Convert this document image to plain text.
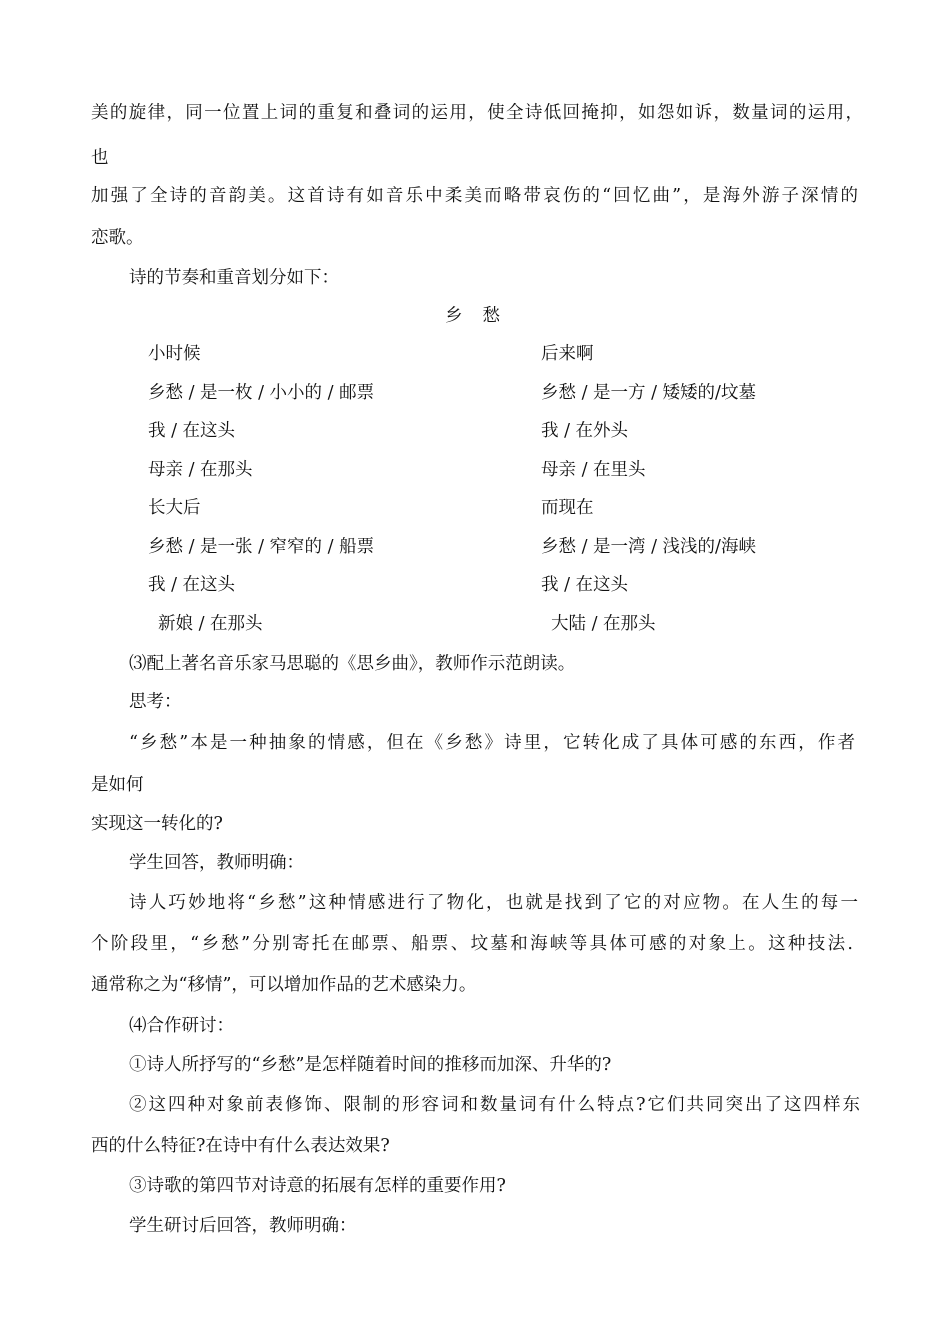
美的旋律，同一位置上词的重复和叠词的运用，使全诗低回掩抑，如怨如诉，数量词的运用，
也
加强了全诗的音韵美。这首诗有如音乐中柔美而略带哀伤的“回忆曲”，是海外游子深情的
恋歌。
诗的节奏和重音划分如下：
乡愁
小时候
乡愁 / 是一枚 / 小小的 / 邮票
我 / 在这头
母亲 / 在那头
长大后
乡愁 / 是一张 / 窄窄的 / 船票
我 / 在这头
新娘 / 在那头
后来啊
乡愁 / 是一方 / 矮矮的/坟墓
我 / 在外头
母亲 / 在里头
而现在
乡愁 / 是一湾 / 浅浅的/海峡
我 / 在这头
大陆 / 在那头
⑶配上著名音乐家马思聪的《思乡曲》，教师作示范朗读。
思考：
“乡愁”本是一种抽象的情感，但在《乡愁》诗里，它转化成了具体可感的东西，作者
是如何
实现这一转化的?
学生回答，教师明确：
诗人巧妙地将“乡愁”这种情感进行了物化，也就是找到了它的对应物。在人生的每一
个阶段里，“乡愁”分别寄托在邮票、船票、坟墓和海峡等具体可感的对象上。这种技法.
通常称之为“移情”，可以增加作品的艺术感染力。
⑷合作研讨：
①诗人所抒写的“乡愁”是怎样随着时间的推移而加深、升华的?
②这四种对象前表修饰、限制的形容词和数量词有什么特点?它们共同突出了这四样东
西的什么特征?在诗中有什么表达效果?
③诗歌的第四节对诗意的拓展有怎样的重要作用?
学生研讨后回答，教师明确：
